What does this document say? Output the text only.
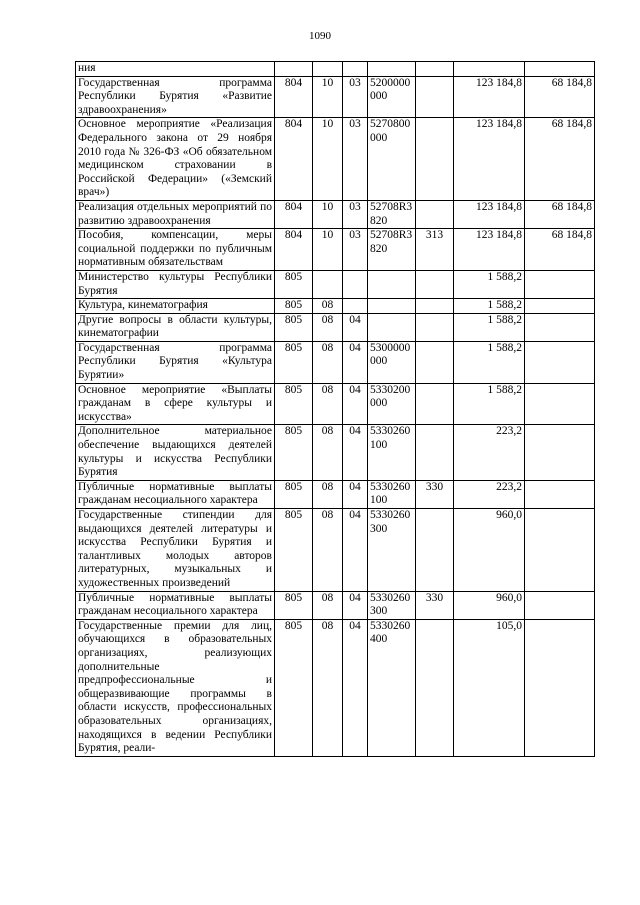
1090
ния							
Государственная программа Республики Бурятия «Развитие здравоохранения»	804	10	03	5200000000		123 184,8	68 184,8
Основное мероприятие «Реализация Федерального закона от 29 ноября 2010 года № 326-ФЗ «Об обязательном медицинском страховании в Российской Федерации» («Земский врач»)	804	10	03	5270800000		123 184,8	68 184,8
Реализация отдельных мероприятий по развитию здравоохранения	804	10	03	52708R3820		123 184,8	68 184,8
Пособия, компенсации, меры социальной поддержки по публичным нормативным обязательствам	804	10	03	52708R3820	313	123 184,8	68 184,8
Министерство культуры Республики Бурятия	805					1 588,2	
Культура, кинематография	805	08				1 588,2	
Другие вопросы в области культуры, кинематографии	805	08	04			1 588,2	
Государственная программа Республики Бурятия «Культура Бурятии»	805	08	04	5300000000		1 588,2	
Основное мероприятие «Выплаты гражданам в сфере культуры и искусства»	805	08	04	5330200000		1 588,2	
Дополнительное материальное обеспечение выдающихся деятелей культуры и искусства Республики Бурятия	805	08	04	5330260100		223,2	
Публичные нормативные выплаты гражданам несоциального характера	805	08	04	5330260100	330	223,2	
Государственные стипендии для выдающихся деятелей литературы и искусства Республики Бурятия и талантливых молодых авторов литературных, музыкальных и художественных произведений	805	08	04	5330260300		960,0	
Публичные нормативные выплаты гражданам несоциального характера	805	08	04	5330260300	330	960,0	
Государственные премии для лиц, обучающихся в образовательных организациях, реализующих дополнительные предпрофессиональные и общеразвивающие программы в области искусств, профессиональных образовательных организациях, находящихся в ведении Республики Бурятия, реали-	805	08	04	5330260400		105,0	
